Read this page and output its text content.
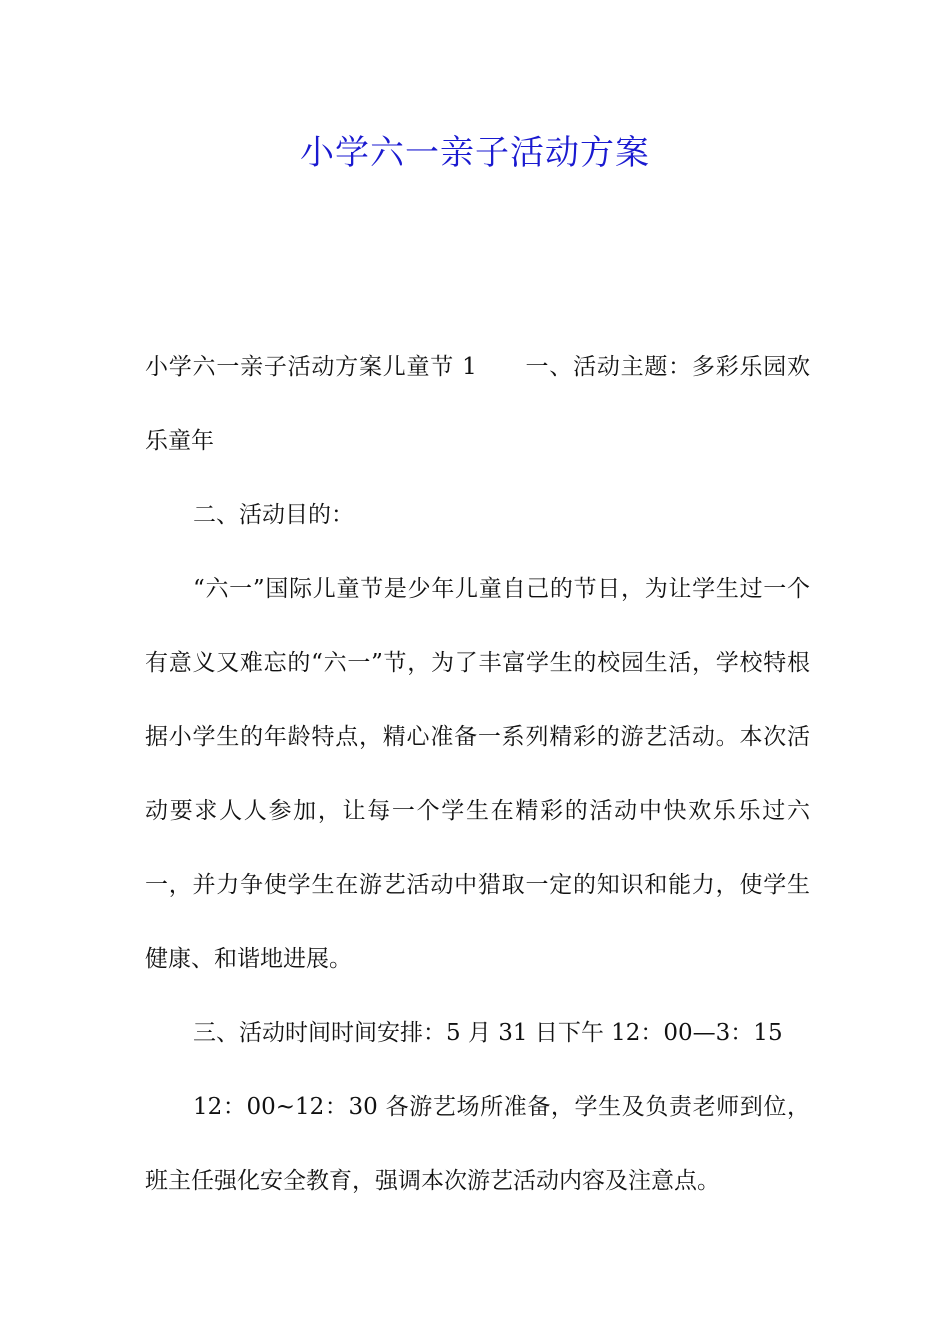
小学六一亲子活动方案

小学六一亲子活动方案儿童节 1 一、活动主题：多彩乐园欢乐童年

二、活动目的：

“六一”国际儿童节是少年儿童自己的节日，为让学生过一个有意义又难忘的“六一”节，为了丰富学生的校园生活，学校特根据小学生的年龄特点，精心准备一系列精彩的游艺活动。本次活动要求人人参加，让每一个学生在精彩的活动中快欢乐乐过六一，并力争使学生在游艺活动中猎取一定的知识和能力，使学生健康、和谐地进展。

三、活动时间时间安排：5 月 31 日下午 12：00—3：15

12：00~12：30 各游艺场所准备，学生及负责老师到位，班主任强化安全教育，强调本次游艺活动内容及注意点。
